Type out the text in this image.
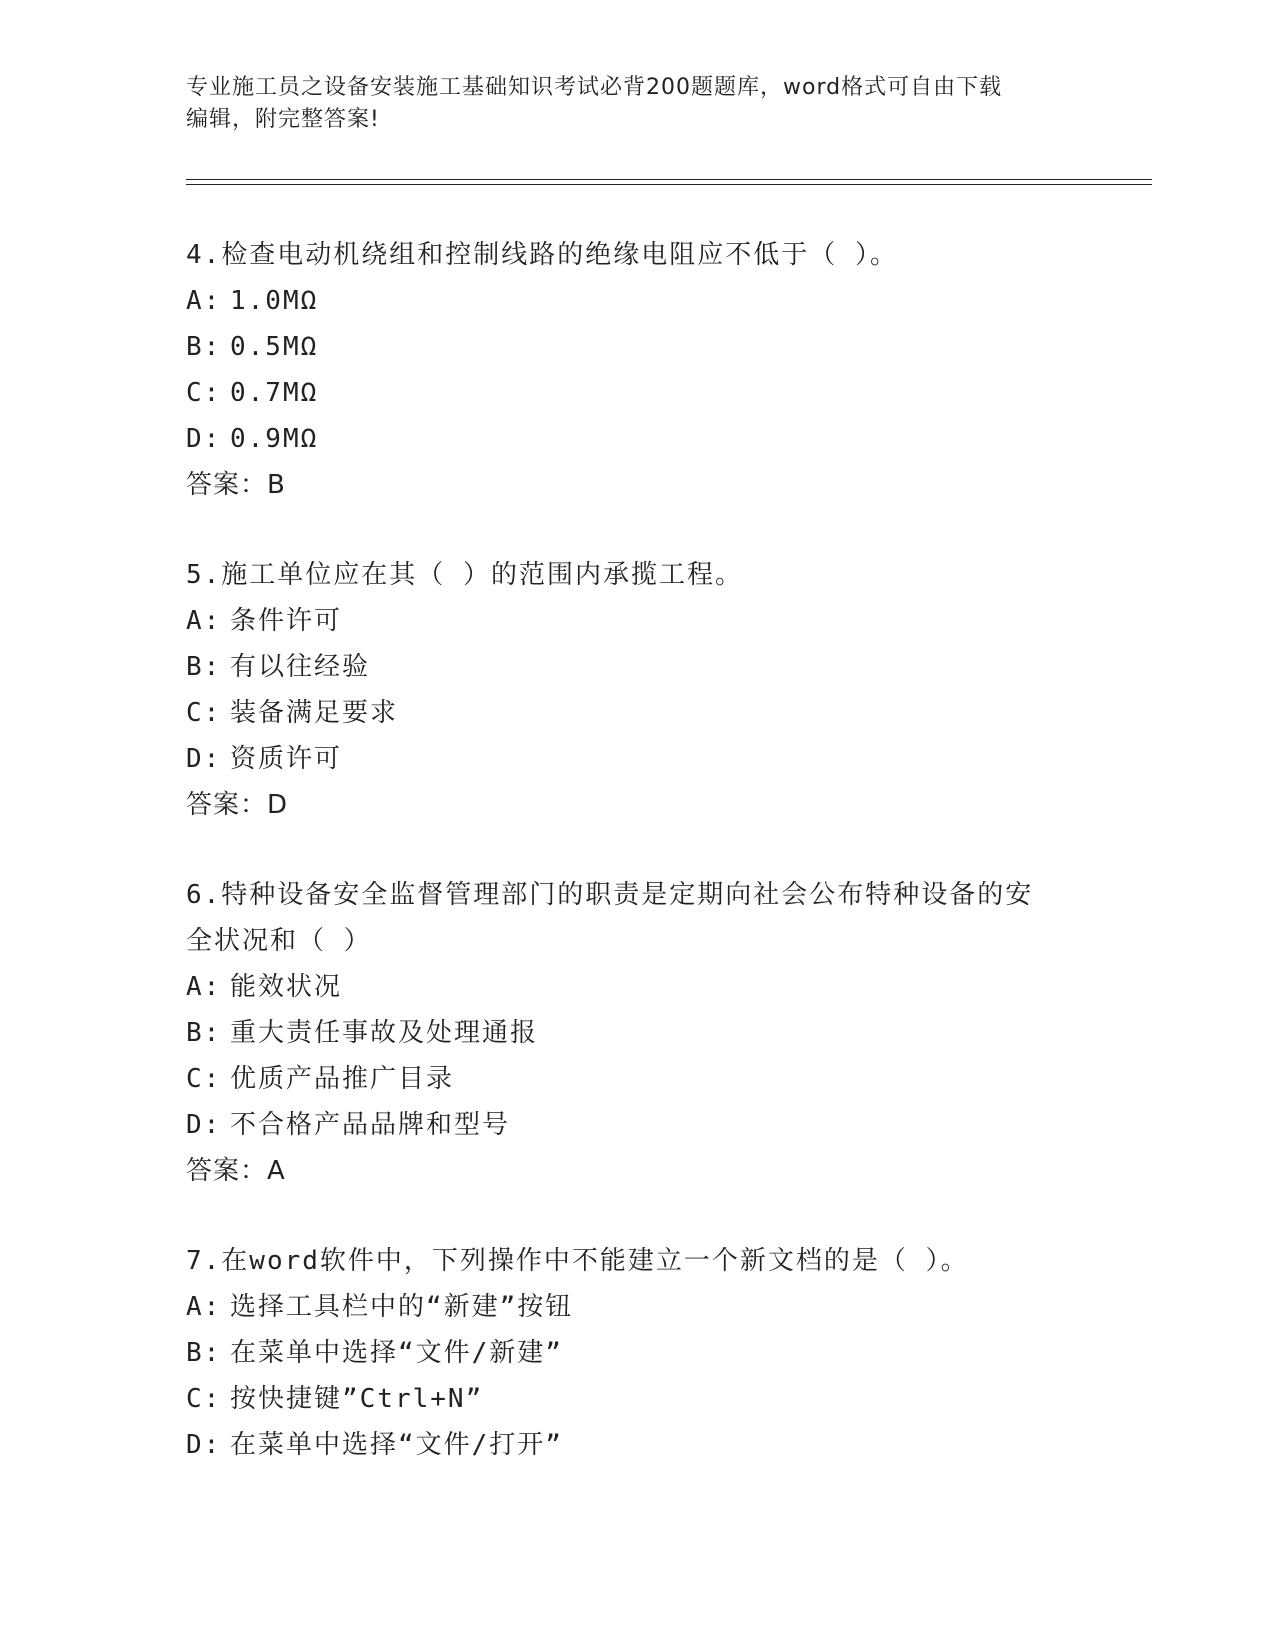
专业施工员之设备安装施工基础知识考试必背200题题库，word格式可自由下载
编辑，附完整答案!
4.检查电动机绕组和控制线路的绝缘电阻应不低于（ ）。
A: 1.0MΩ
B: 0.5MΩ
C: 0.7MΩ
D: 0.9MΩ
答案：B
5.施工单位应在其（ ）的范围内承揽工程。
A: 条件许可
B: 有以往经验
C: 装备满足要求
D: 资质许可
答案：D
6.特种设备安全监督管理部门的职责是定期向社会公布特种设备的安全状况和（ ）
A: 能效状况
B: 重大责任事故及处理通报
C: 优质产品推广目录
D: 不合格产品品牌和型号
答案：A
7.在word软件中，下列操作中不能建立一个新文档的是（ ）。
A: 选择工具栏中的“新建”按钮
B: 在菜单中选择“文件/新建”
C: 按快捷键”Ctrl+N”
D: 在菜单中选择“文件/打开”
